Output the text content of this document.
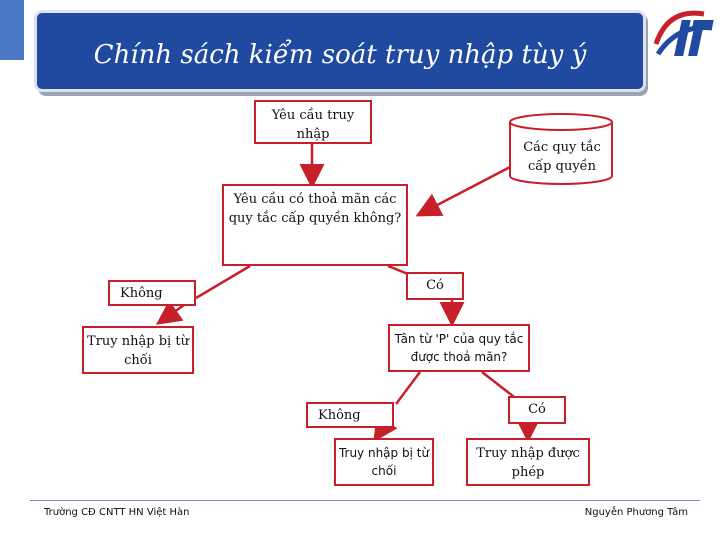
Chính sách kiểm soát truy nhập tùy ý
Yêu cầu truy nhập
Các quy tắc cấp quyền
Yêu cầu có thoả mãn các quy tắc cấp quyền không?
Không
Có
Truy nhập bị từ chối
Tân từ 'P' của quy tắc được thoả mãn?
Không	Có
Truy nhập bị từ chối
Truy nhập được phép
Trường CĐ CNTT HN Việt Hàn	Nguyễn Phương Tâm
